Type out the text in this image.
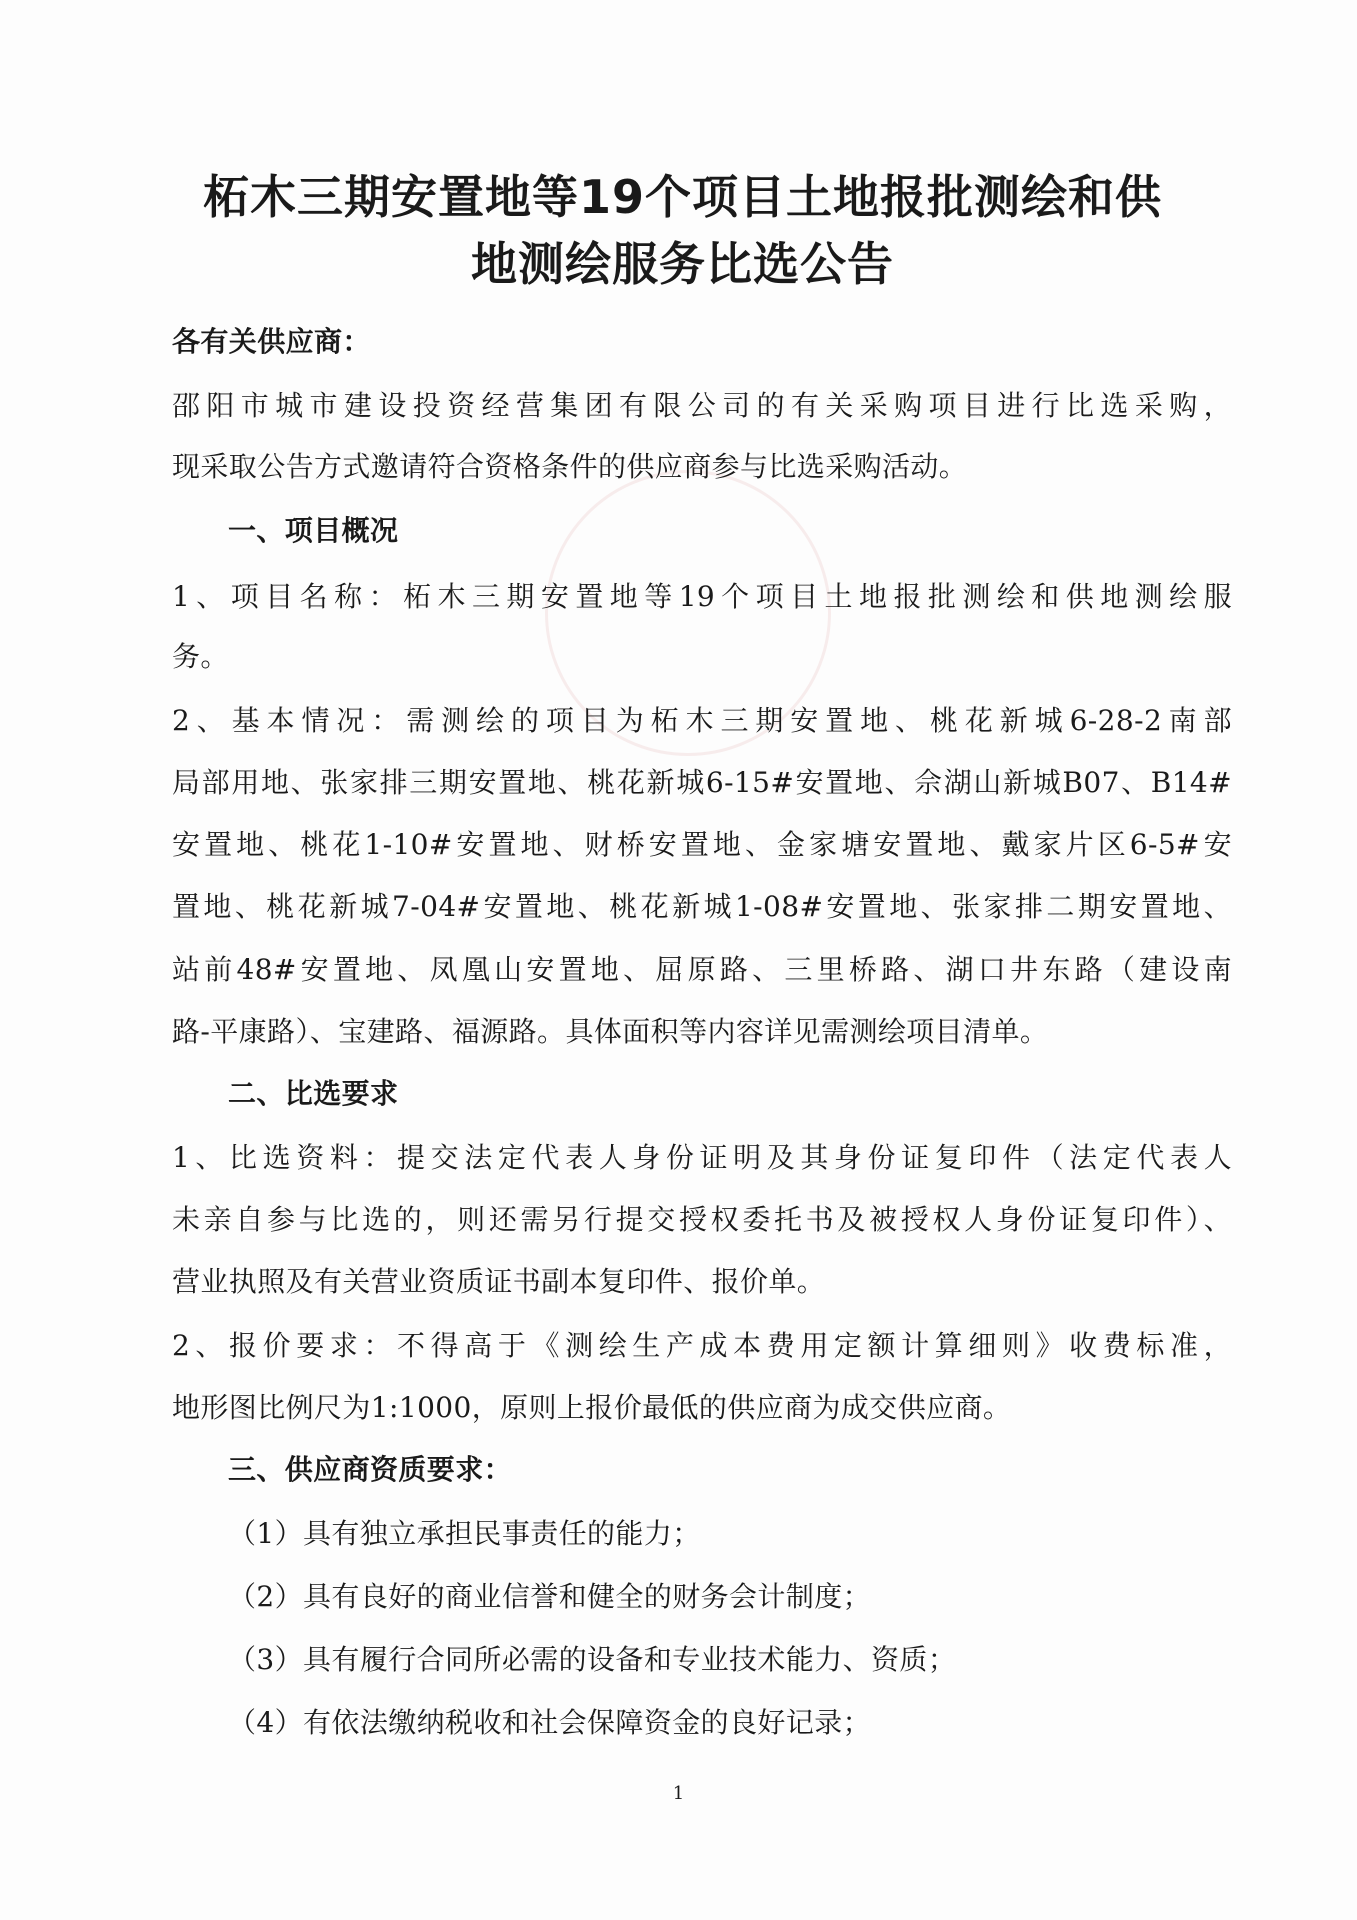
柘木三期安置地等19个项目土地报批测绘和供
地测绘服务比选公告
各有关供应商：
邵阳市城市建设投资经营集团有限公司的有关采购项目进行比选采购，
现采取公告方式邀请符合资格条件的供应商参与比选采购活动。
一、项目概况
1、项目名称：柘木三期安置地等19个项目土地报批测绘和供地测绘服
务。
2、基本情况：需测绘的项目为柘木三期安置地、桃花新城6-28-2南部
局部用地、张家排三期安置地、桃花新城6-15#安置地、佘湖山新城B07、B14#
安置地、桃花1-10#安置地、财桥安置地、金家塘安置地、戴家片区6-5#安
置地、桃花新城7-04#安置地、桃花新城1-08#安置地、张家排二期安置地、
站前48#安置地、凤凰山安置地、屈原路、三里桥路、湖口井东路（建设南
路-平康路）、宝建路、福源路。具体面积等内容详见需测绘项目清单。
二、比选要求
1、比选资料：提交法定代表人身份证明及其身份证复印件（法定代表人
未亲自参与比选的，则还需另行提交授权委托书及被授权人身份证复印件）、
营业执照及有关营业资质证书副本复印件、报价单。
2、报价要求：不得高于《测绘生产成本费用定额计算细则》收费标准，
地形图比例尺为1:1000，原则上报价最低的供应商为成交供应商。
三、供应商资质要求：
（1）具有独立承担民事责任的能力；
（2）具有良好的商业信誉和健全的财务会计制度；
（3）具有履行合同所必需的设备和专业技术能力、资质；
（4）有依法缴纳税收和社会保障资金的良好记录；
1
